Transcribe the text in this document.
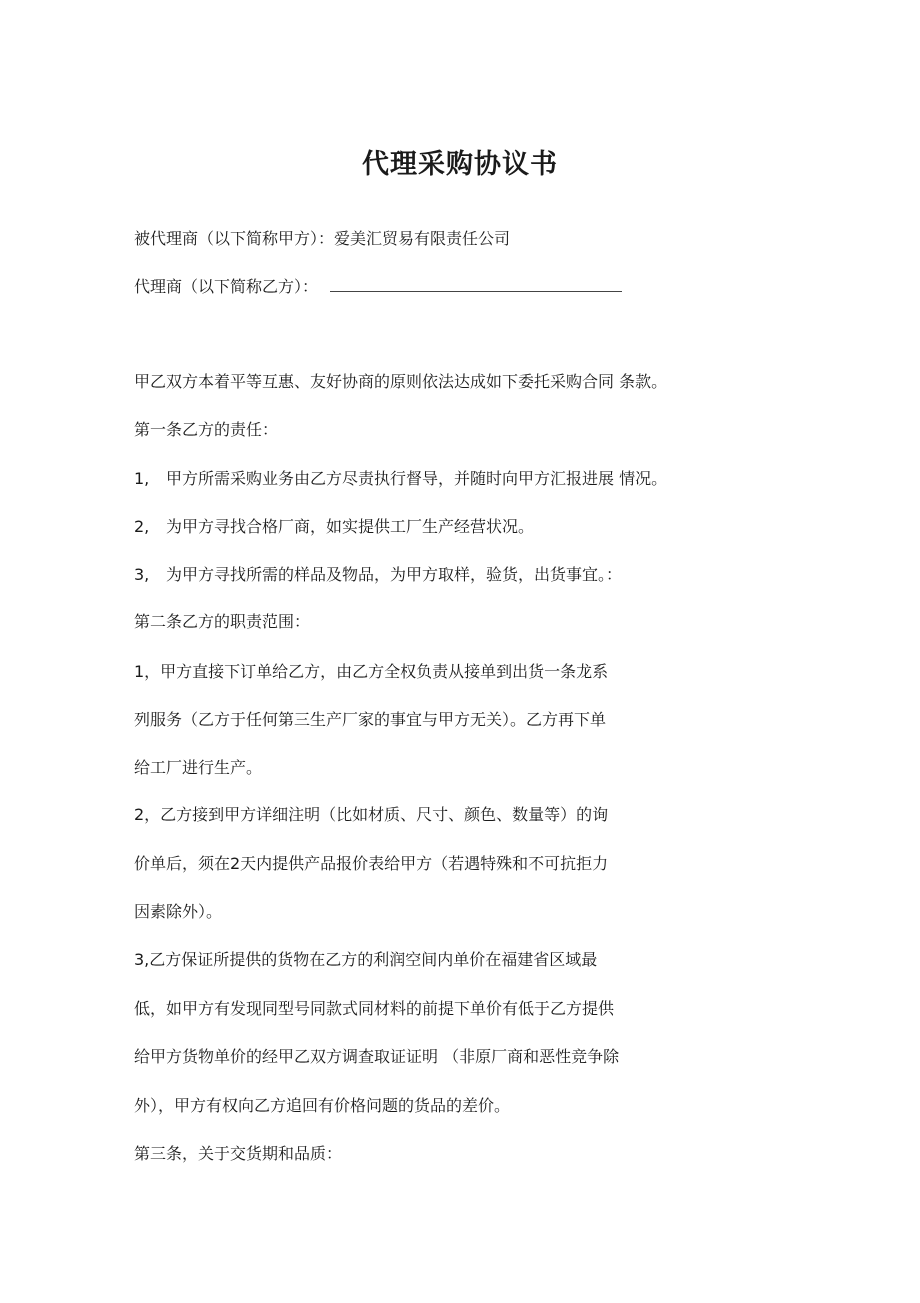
代理采购协议书
被代理商（以下简称甲方）：爱美汇贸易有限责任公司
代理商（以下简称乙方）：
甲乙双方本着平等互惠、友好协商的原则依法达成如下委托采购合同 条款。
第一条乙方的责任：
1, 甲方所需采购业务由乙方尽责执行督导，并随时向甲方汇报进展 情况。
2, 为甲方寻找合格厂商，如实提供工厂生产经营状况。
3, 为甲方寻找所需的样品及物品，为甲方取样，验货，出货事宜。：
第二条乙方的职责范围：
1，甲方直接下订单给乙方，由乙方全权负责从接单到出货一条龙系
列服务（乙方于任何第三生产厂家的事宜与甲方无关）。乙方再下单
给工厂进行生产。
2，乙方接到甲方详细注明（比如材质、尺寸、颜色、数量等）的询
价单后，须在2天内提供产品报价表给甲方（若遇特殊和不可抗拒力
因素除外）。
3,乙方保证所提供的货物在乙方的利润空间内单价在福建省区域最
低，如甲方有发现同型号同款式同材料的前提下单价有低于乙方提供
给甲方货物单价的经甲乙双方调查取证证明 （非原厂商和恶性竞争除
外），甲方有权向乙方追回有价格问题的货品的差价。
第三条，关于交货期和品质：
